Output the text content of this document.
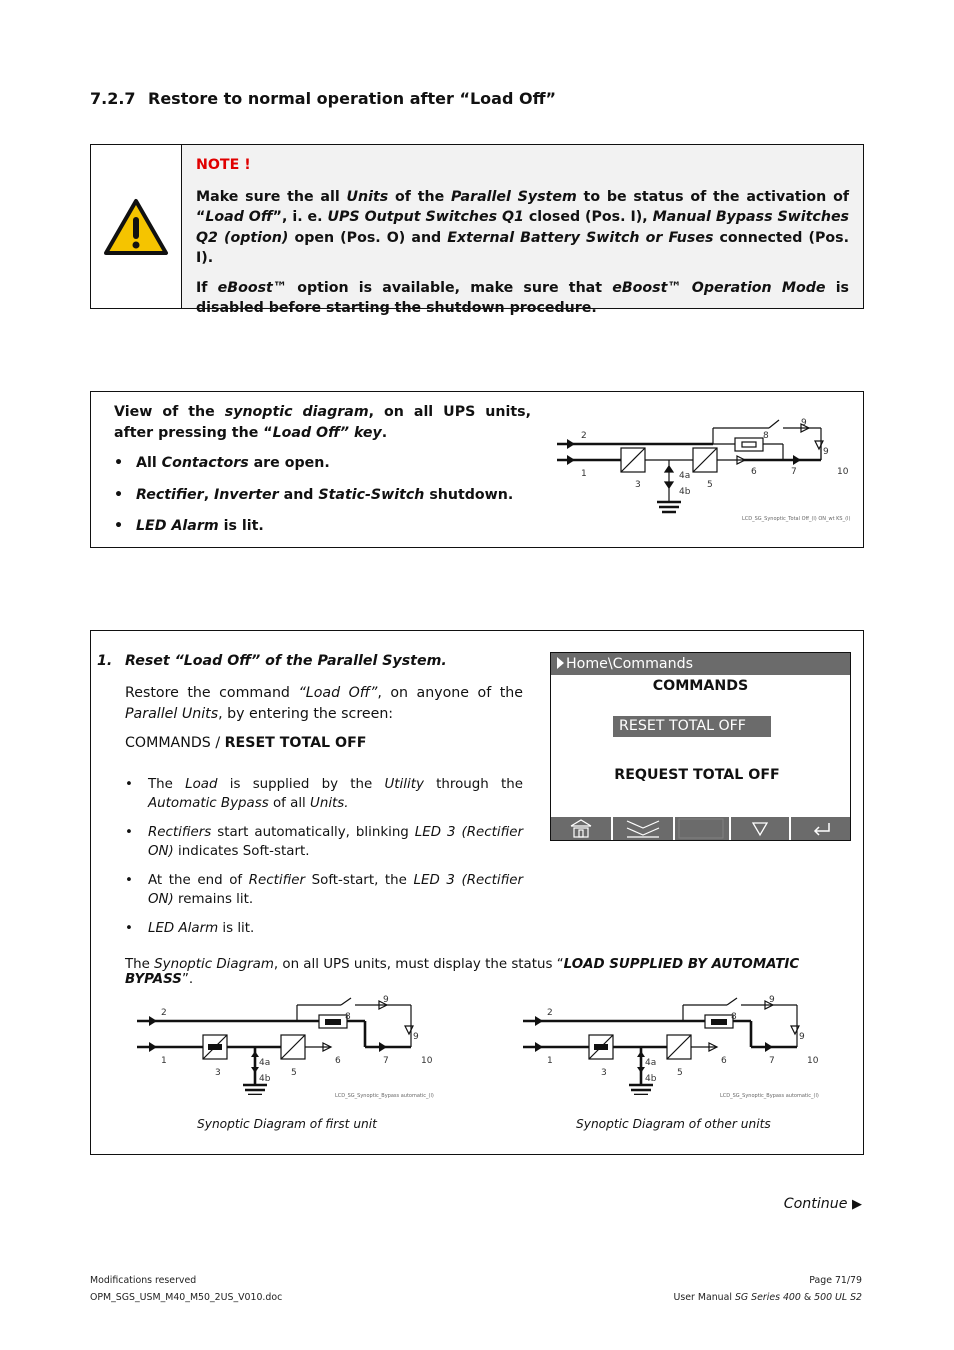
7.2.7 Restore to normal operation after “Load Off”
NOTE !

Make sure the all Units of the Parallel System to be status of the activation of “Load Off”, i. e. UPS Output Switches Q1 closed (Pos. I), Manual Bypass Switches Q2 (option) open (Pos. O) and External Battery Switch or Fuses connected (Pos. I).

If eBoost™ option is available, make sure that eBoost™ Operation Mode is disabled before starting the shutdown procedure.

View of the synoptic diagram, on all UPS units, after pressing the “Load Off” key.

• All Contactors are open.
• Rectifier, Inverter and Static-Switch shutdown.
• LED Alarm is lit.
2
1
3	5
4a
4b
8
6
9
9
7	10
LCD_SG_Synoptic_Total Off_(l) ON_wt KS_(l)
1. Reset “Load Off” of the Parallel System.

Restore the command “Load Off”, on anyone of the Parallel Units, by entering the screen:

COMMANDS / RESET TOTAL OFF

• The Load is supplied by the Utility through the Automatic Bypass of all Units.
• Rectifiers start automatically, blinking LED 3 (Rectifier ON) indicates Soft-start.
• At the end of Rectifier Soft-start, the LED 3 (Rectifier ON) remains lit.
• LED Alarm is lit.
The Synoptic Diagram, on all UPS units, must display the status “LOAD SUPPLIED BY AUTOMATIC BYPASS”.
2
1
3	5
4a
4b
8
6
9
9
7	10
LCD_SG_Synoptic_Bypass automatic_(l)
2
1
3	5
4a
4b
8
6
9
9
7	10
LCD_SG_Synoptic_Bypass automatic_(l)
Synoptic Diagram of first unit	Synoptic Diagram of other units
Home\Commands
COMMANDS
RESET TOTAL OFF
REQUEST TOTAL OFF
Continue ▶
Modifications reserved
OPM_SGS_USM_M40_M50_2US_V010.doc
Page 71/79
User Manual SG Series 400 & 500 UL S2
